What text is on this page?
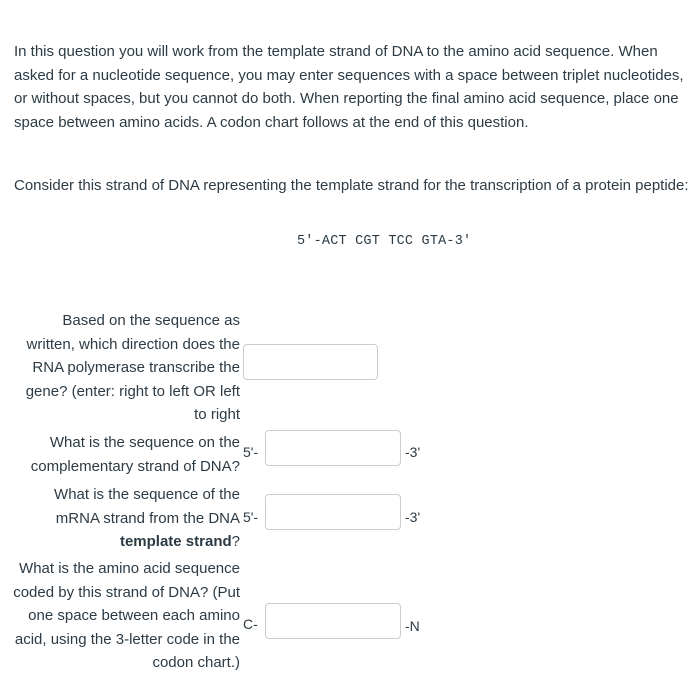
In this question you will work from the template strand of DNA to the amino acid sequence. When asked for a nucleotide sequence, you may enter sequences with a space between triplet nucleotides, or without spaces, but you cannot do both. When reporting the final amino acid sequence, place one space between amino acids. A codon chart follows at the end of this question.

Consider this strand of DNA representing the template strand for the transcription of a protein peptide:

5'-ACT CGT TCC GTA-3'

Based on the sequence as written, which direction does the RNA polymerase transcribe the gene? (enter: right to left OR left to right

What is the sequence on the complementary strand of DNA?

5'-	-3'

What is the sequence of the mRNA strand from the DNA
template strand?

5'-	-3'

What is the amino acid sequence coded by this strand of DNA? (Put one space between each amino acid, using the 3-letter code in the codon chart.)

C-	-N
